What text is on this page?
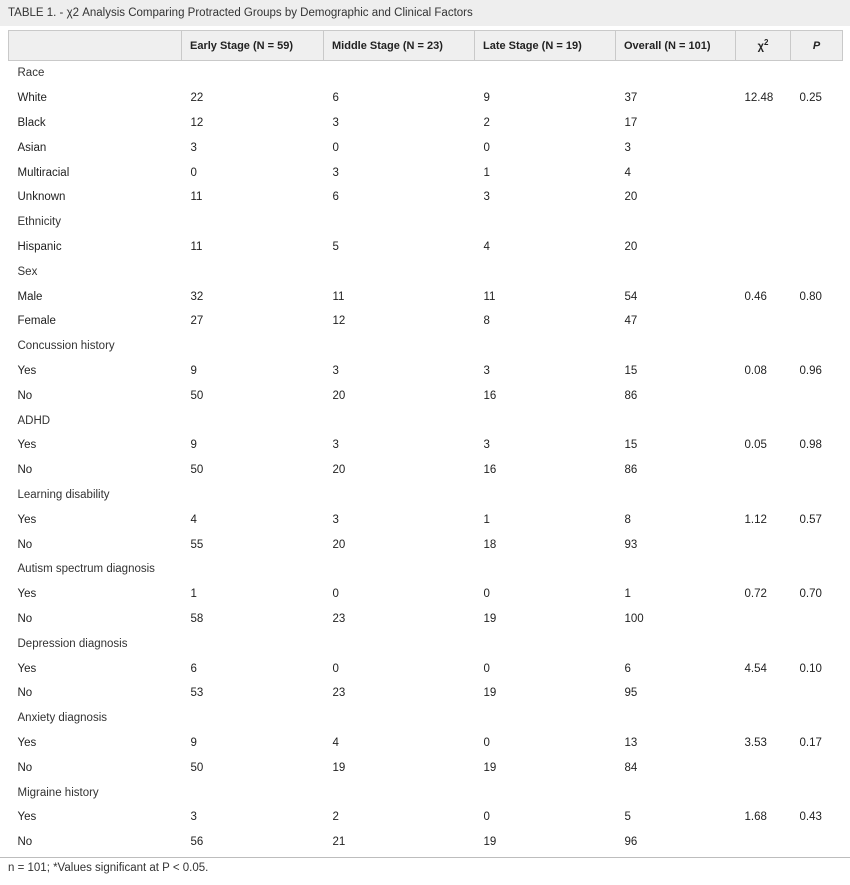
TABLE 1. - χ2 Analysis Comparing Protracted Groups by Demographic and Clinical Factors
	Early Stage (N = 59)	Middle Stage (N = 23)	Late Stage (N = 19)	Overall (N = 101)	$\chi^2$	P
Race						
White	22	6	9	37	12.48	0.25
Black	12	3	2	17		
Asian	3	0	0	3		
Multiracial	0	3	1	4		
Unknown	11	6	3	20		
Ethnicity						
Hispanic	11	5	4	20		
Sex						
Male	32	11	11	54	0.46	0.80
Female	27	12	8	47		
Concussion history						
Yes	9	3	3	15	0.08	0.96
No	50	20	16	86		
ADHD						
Yes	9	3	3	15	0.05	0.98
No	50	20	16	86		
Learning disability						
Yes	4	3	1	8	1.12	0.57
No	55	20	18	93		
Autism spectrum diagnosis						
Yes	1	0	0	1	0.72	0.70
No	58	23	19	100		
Depression diagnosis						
Yes	6	0	0	6	4.54	0.10
No	53	23	19	95		
Anxiety diagnosis						
Yes	9	4	0	13	3.53	0.17
No	50	19	19	84		
Migraine history						
Yes	3	2	0	5	1.68	0.43
No	56	21	19	96		
n = 101; *Values significant at P < 0.05.
